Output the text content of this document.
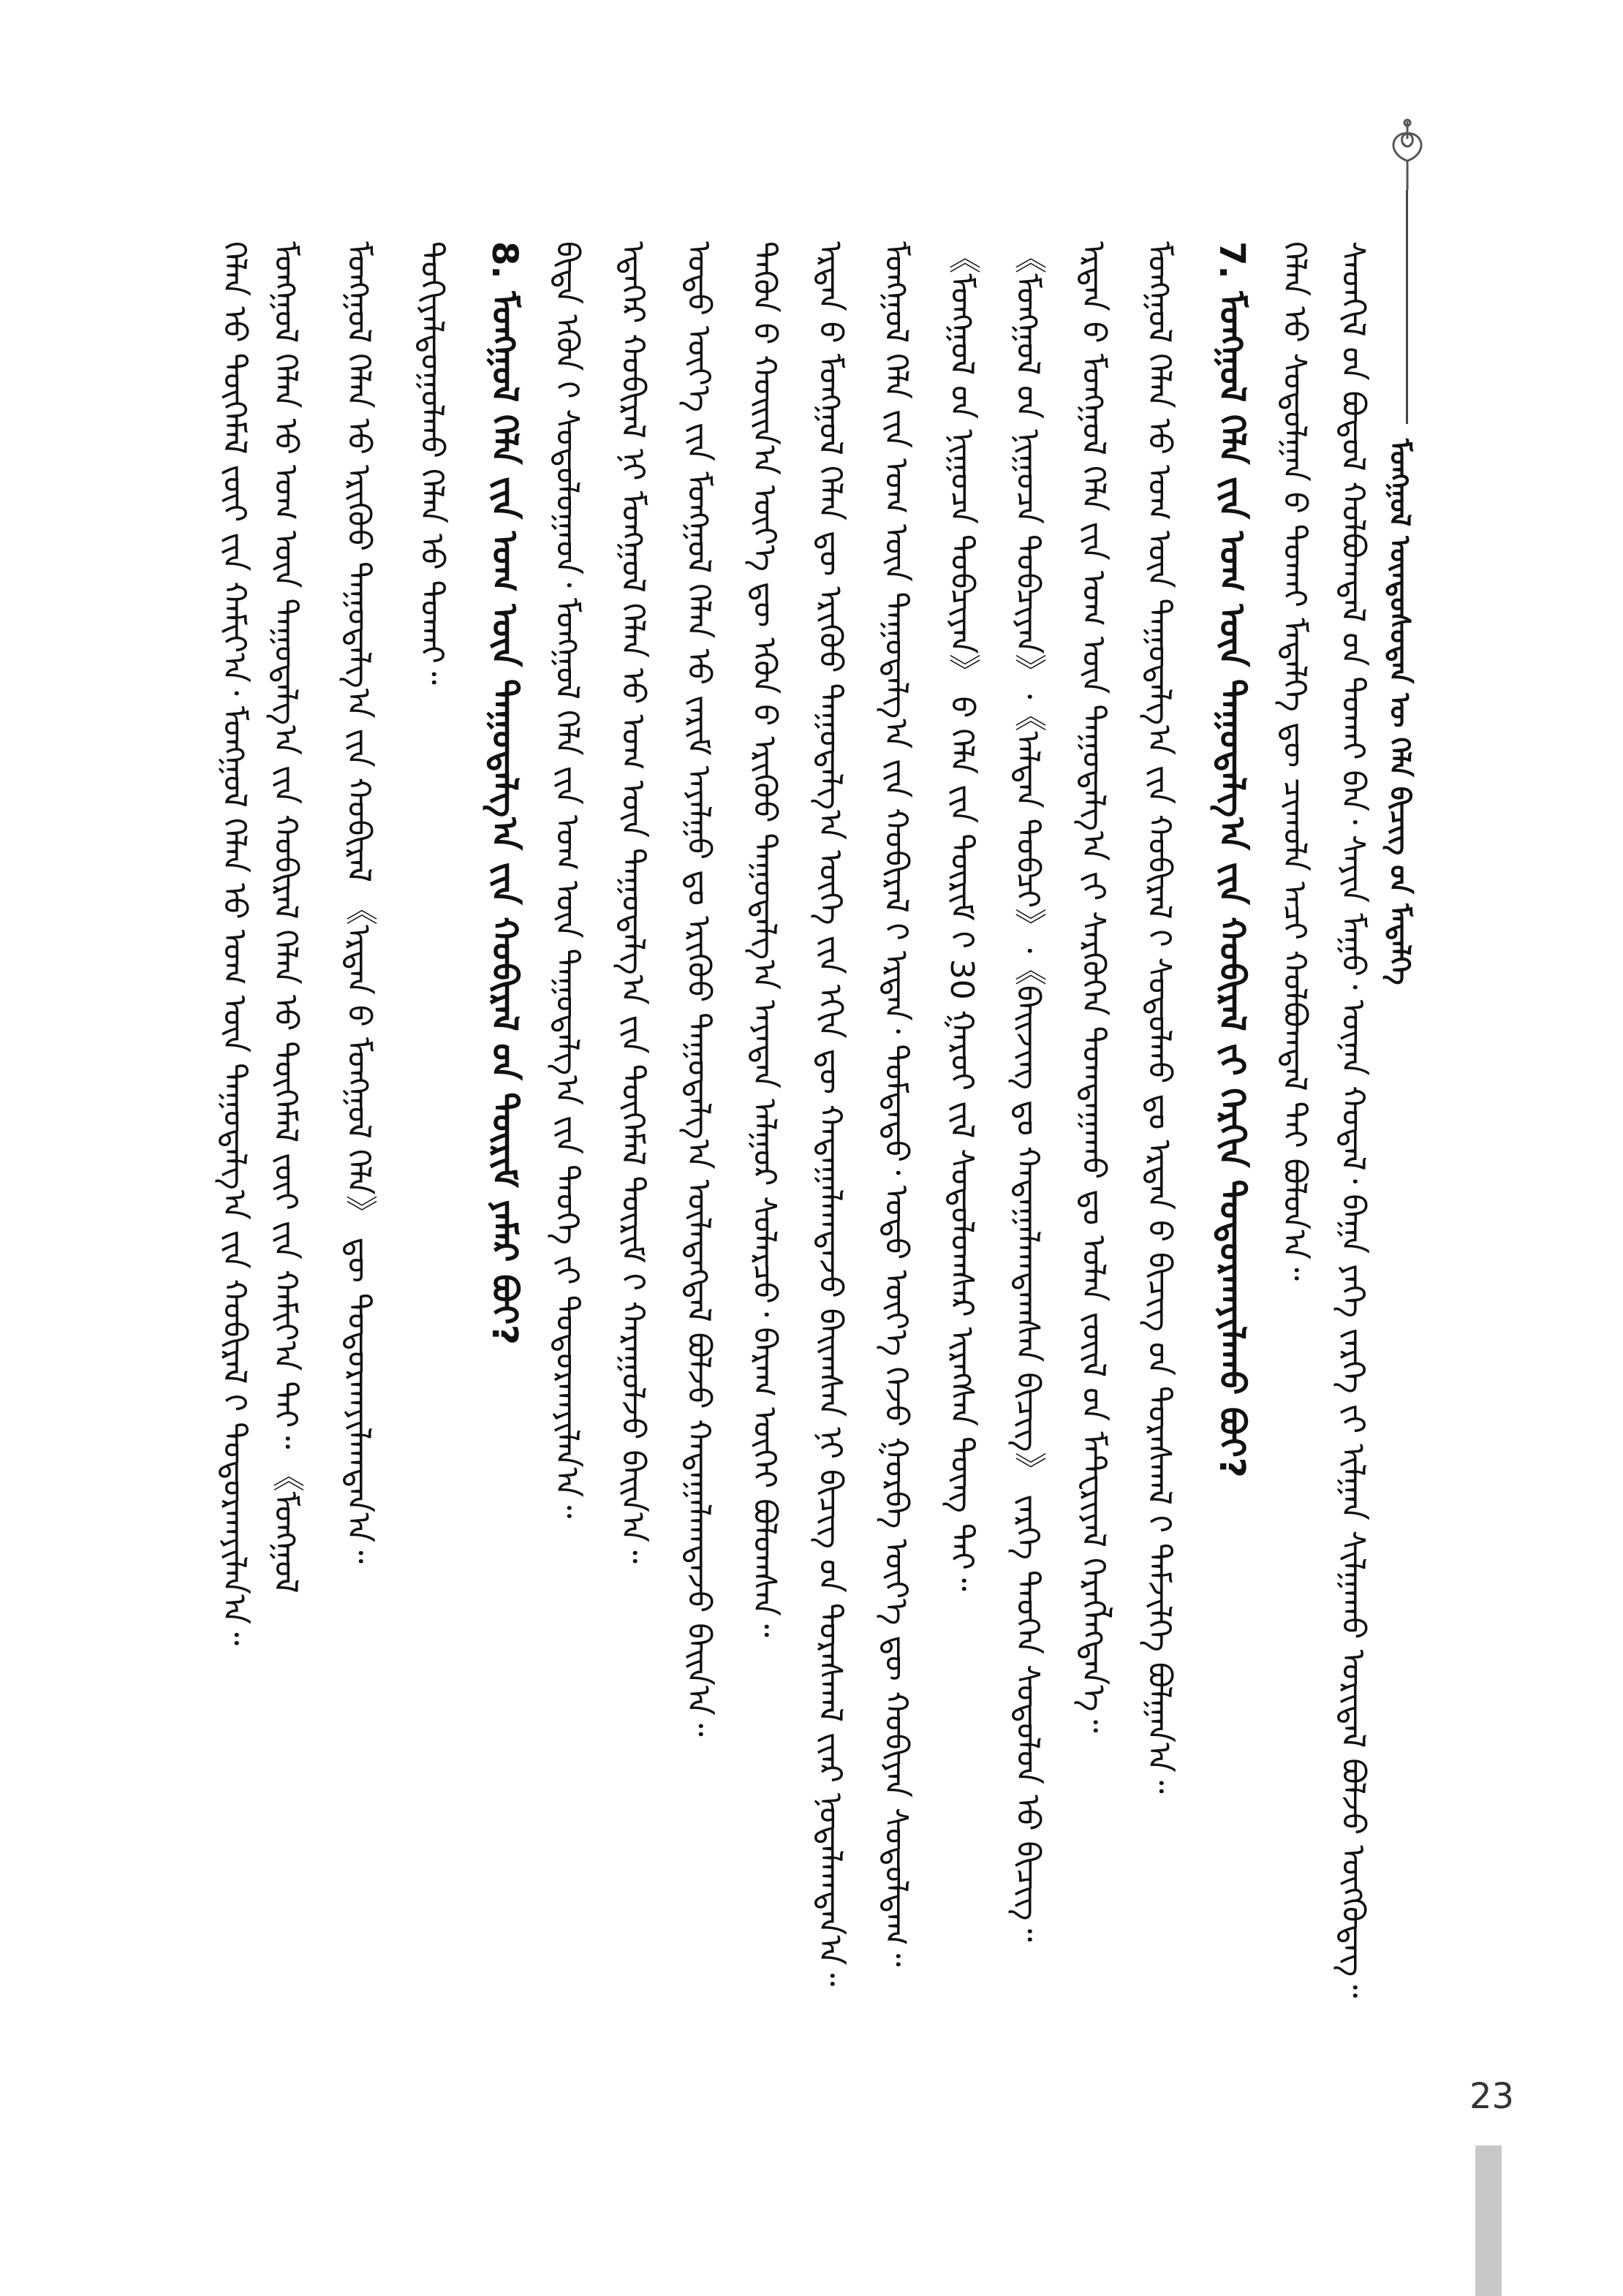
ᠮᠣᠩᠭᠣᠯ ᠦᠨᠳᠦᠰᠦᠲᠡᠨ ᠦ ᠬᠡᠯᠡ ᠪᠢᠴᠢᠭ ᠤ᠋ᠨ ᠮᠡᠳᠡᠯᠭᠡ
ᠰᠡᠳᠬᠢᠯ ᠦ᠋ᠨ ᠪᠣᠳᠣᠯ ᠬᠣᠯᠪᠣᠭᠳᠠᠯ ᠤ᠋ᠨ ᠲᠣᠬᠠᠢ ᠪᠠᠨ᠂ ᠰᠠᠶᠢᠨ ᠮᠠᠭᠤ᠂ ᠦᠨᠡᠨ ᠬᠤᠳᠠᠯ᠂ ᠪᠠᠭᠠ ᠶᠡᠬᠡ ᠵᠡᠷᠭᠡ ᠶ᠋ᠢ ᠢᠯᠭᠠᠨ ᠰᠢᠯᠭᠠᠬᠤ ᠤᠷᠢᠳᠠᠯ ᠪᠣᠯᠵᠤ ᠦᠭᠭᠦᠳᠡᠭ᠃
ᠬᠡᠯᠡᠨ ᠦ᠋ ᠰᠤᠳᠤᠯᠭᠠᠨ ᠤ᠋ ᠲᠤᠬᠠᠢ ᠮᠡᠳᠡᠯᠭᠡ ᠳᠦ ᠴᠢᠬᠤᠯᠠ ᠠᠴᠢ ᠬᠣᠯᠪᠣᠭᠳᠠᠯ ᠲᠠᠢ ᠪᠣᠯᠤᠨ᠎ᠠ᠃
7. ᠮᠣᠩᠭᠣᠯ ᠬᠡᠯᠡ ᠶ᠋ᠢᠨ ᠤᠭ ᠦᠨ ᠳᠠᠭᠤᠳᠠᠯᠭ᠎ᠠ ᠶ᠋ᠢᠨ ᠬᠤᠪᠢᠷᠠᠯ ᠶ᠋ᠢ ᠬᠡᠷᠬᠢᠨ ᠲᠣᠳᠤᠷᠬᠠᠶᠢᠯᠠᠬᠤ ᠪᠤᠢ?
ᠮᠣᠩᠭᠣᠯ ᠬᠡᠯᠡᠨ ᠦ᠋ ᠤᠭ ᠦᠨ ᠳᠠᠭᠤᠳᠠᠯᠭ᠎ᠠ ᠶ᠋ᠢᠨ ᠬᠤᠪᠢᠷᠠᠯ ᠢ᠋ ᠰᠤᠳᠤᠯᠬᠤ ᠳᠤ ᠡᠷᠲᠡᠨ ᠦ᠌ ᠪᠢᠴᠢᠭ ᠤ᠋ᠨ ᠳᠤᠷᠠᠰᠬᠠᠯ ᠢ᠋ ᠳᠡᠮᠵᠢᠯᠭᠡ ᠪᠣᠯᠭᠠᠨ᠎ᠠ᠃
ᠡᠷᠲᠡᠨ ᠦ᠌ ᠮᠣᠩᠭᠣᠯ ᠬᠡᠯᠡ ᠶ᠋ᠢᠨ ᠤᠭ ᠦᠨ ᠳᠠᠭᠤᠳᠠᠯᠭ᠎ᠠ ᠶ᠋ᠢ ᠰᠡᠷᠭᠦᠭᠡᠨ ᠲᠣᠭᠲᠠᠭᠠᠬᠤ ᠳᠤ ᠣᠯᠠᠨ ᠵᠦᠢᠯ ᠦ᠋ᠨ ᠮᠠᠲ᠋ᠧᠷᠢᠶᠠᠯ ᠬᠡᠷᠡᠭᠯᠡᠭᠳᠡᠨ᠎ᠡ᠃
《ᠮᠣᠩᠭᠣᠯ ᠤ᠋ᠨ ᠨᠢᠭᠤᠴᠠ ᠲᠣᠪᠴᠢᠶᠠᠨ》᠂《ᠠᠯᠲᠠᠨ ᠲᠣᠪᠴᠢ》᠂《ᠪᠠᠢᠵᠢᠩ ᠳᠤ ᠬᠠᠳᠠᠭᠠᠯᠠᠭᠳᠠᠭᠰᠠᠨ ᠪᠢᠴᠢᠭ》 ᠵᠡᠷᠭᠡ ᠲᠡᠦᠬᠡᠨ ᠰᠤᠳᠤᠯᠤᠨ ᠦ᠋ ᠪᠢᠴᠢᠭ᠃
《ᠮᠣᠩᠭᠣᠯ ᠤ᠋ᠨ ᠨᠢᠭᠤᠴᠠ ᠲᠣᠪᠴᠢᠶᠠᠨ》 ᠤ᠋ ᠬᠡᠯᠡ ᠶ᠋ᠢᠨ ᠳᠦᠷᠢᠮ ᠢ᠋ 30 ᠭᠠᠷᠤᠢ ᠵᠢᠯ ᠰᠤᠳᠤᠯᠤᠭᠰᠠᠷ ᠢᠷᠡᠭᠰᠡᠨ ᠳᠦᠩ ᠲᠠᠢ᠃
ᠮᠣᠩᠭᠣᠯ ᠬᠡᠯᠡ ᠶ᠋ᠢᠨ ᠤᠭ ᠦᠨ ᠳᠠᠭᠤᠳᠠᠯᠭ᠎ᠠ ᠶ᠋ᠢᠨ ᠬᠤᠪᠢᠷᠠᠯ ᠢ᠋ ᠡᠷᠲᠡᠨ᠂ ᠳᠤᠮᠳᠠᠳᠤ᠂ ᠣᠳᠣ ᠦᠶ᠎ᠡ ᠭᠡᠵᠦ ᠭᠤᠷᠪᠠ ᠦᠶ᠎ᠡ ᠳᠦ ᠬᠤᠪᠢᠶᠠᠨ ᠰᠤᠳᠤᠯᠳᠠᠭ᠃
ᠡᠷᠲᠡᠨ ᠦ᠌ ᠮᠣᠩᠭᠣᠯ ᠬᠡᠯᠡᠨ ᠳᠦ ᠡᠷᠢᠭᠦᠦ ᠳᠠᠭᠤᠳᠠᠯᠭ᠎ᠠ ᠦᠭᠡ ᠶ᠋ᠢᠨ ᠡᠬᠢᠨ ᠳᠦ ᠬᠠᠳᠠᠭᠠᠯᠠᠭᠳᠠᠵᠤ ᠪᠠᠢᠭᠰᠠᠨ ᠨᠢ ᠪᠢᠴᠢᠭ ᠦ᠋ᠨ ᠳᠤᠷᠠᠰᠬᠠᠯ ᠢ᠋ᠶ᠋ᠠᠷ ᠨᠣᠲᠠᠯᠠᠭᠳᠠᠨ᠎ᠠ᠃
ᠲᠡᠭᠦᠨ ᠦ᠌ ᠬᠣᠢᠢᠨ᠎ᠠ ᠦᠶ᠎ᠡ ᠳᠦ ᠡᠭᠦᠨ ᠦ᠌ ᠡᠷᠢᠭᠦᠦ ᠳᠠᠭᠤᠳᠠᠯᠭ᠎ᠠ ᠠᠶᠠᠳᠠᠨ ᠠᠯᠭᠤᠷ ᠰᠤᠯᠠᠷᠴᠤ᠂ ᠪᠠᠷᠠᠭ ᠦᠭᠡᠢ ᠪᠣᠯᠤᠭᠰᠠᠨ᠃
ᠣᠳᠣ ᠦᠶ᠎ᠡ ᠶ᠋ᠢᠨ ᠮᠣᠩᠭᠣᠯ ᠬᠡᠯᠡᠨ ᠦ᠋ ᠵᠠᠷᠢᠮ ᠠᠶᠠᠯᠭᠤ ᠳᠤ ᠡᠷᠢᠭᠦᠦ ᠳᠠᠭᠤᠳᠠᠯᠭ᠎ᠠ ᠦᠯᠡᠳᠡᠭᠳᠡᠯ ᠪᠣᠯᠵᠤ ᠬᠠᠳᠠᠭᠠᠯᠠᠭᠳᠠᠵᠤ ᠪᠠᠢᠨ᠎ᠠ᠃
ᠡᠳᠡᠭᠡᠷ ᠬᠤᠪᠢᠷᠠᠯ ᠨᠢ ᠮᠣᠩᠭᠣᠯ ᠬᠡᠯᠡᠨ ᠦ᠋ ᠤᠭ ᠦᠨ ᠳᠠᠭᠤᠳᠠᠯᠭ᠎ᠠ ᠶ᠋ᠢᠨ ᠲᠦᠭᠡᠮᠡᠯ ᠳᠦᠷᠢᠮ ᠢ᠋ ᠬᠠᠷᠠᠭᠤᠯᠵᠤ ᠪᠠᠢᠨ᠎ᠠ᠃
ᠪᠢᠳᠡ ᠡᠭᠦᠨ ᠢ᠋ ᠰᠤᠳᠤᠯᠤᠭᠠᠳ᠂ ᠮᠣᠩᠭᠣᠯ ᠬᠡᠯᠡ ᠶ᠋ᠢᠨ ᠤᠭ ᠦᠨ ᠳᠠᠭᠤᠳᠠᠯᠭ᠎ᠠ ᠶ᠋ᠢᠨ ᠲᠡᠦᠬᠡ ᠶ᠋ᠢ ᠲᠣᠳᠤᠷᠬᠠᠶᠢᠯᠠᠨ᠎ᠠ᠃
8. ᠮᠣᠩᠭᠣᠯ ᠬᠡᠯᠡ ᠶ᠋ᠢᠨ ᠤᠭ ᠦᠨ ᠳᠠᠭᠤᠳᠠᠯᠭ᠎ᠠ ᠶ᠋ᠢᠨ ᠬᠤᠪᠢᠷᠠᠯ ᠤ᠋ᠨ ᠳᠦᠷᠢᠮ ᠶᠠᠮᠠᠷ ᠪᠤᠢ?
ᠲᠣᠬᠢᠶᠠᠯᠳᠤᠭᠤᠯᠬᠤ ᠬᠡᠯᠡᠨ ᠦ᠋ ᠲᠣᠬᠠᠢ᠃
ᠮᠣᠩᠭᠣᠯ ᠬᠡᠯᠡᠨ ᠦ᠋ ᠡᠷᠢᠭᠦᠦ ᠳᠠᠭᠤᠳᠠᠯᠭ᠎ᠠ ᠶ᠋ᠢᠨ ᠬᠤᠪᠢᠷᠠᠯ 《ᠡᠷᠲᠡᠨ ᠦ᠌ ᠮᠣᠩᠭᠣᠯ ᠬᠡᠯᠡ》 ᠳᠦ ᠲᠣᠳᠤᠷᠬᠠᠶᠢᠯᠠᠭᠳᠠᠨ᠎ᠠ᠃
ᠮᠣᠩᠭᠣᠯ ᠬᠡᠯᠡᠨ ᠦ᠋ ᠤᠭ ᠦᠨ ᠳᠠᠭᠤᠳᠠᠯᠭ᠎ᠠ ᠶ᠋ᠢᠨ ᠬᠤᠪᠢᠷᠠᠯ ᠬᠡᠯᠡᠨ ᠦ᠋ ᠲᠦᠭᠡᠮᠡᠯ ᠵᠦᠢ ᠶ᠋ᠢᠨ ᠬᠠᠮᠢᠶ᠎ᠠ ᠲᠠᠢ᠃ 《ᠮᠣᠩᠭᠣᠯ
ᠬᠡᠯᠡᠨ ᠦ᠋ ᠲᠦᠭᠡᠮᠡᠯ ᠵᠦᠢ ᠶ᠋ᠢᠨ ᠬᠠᠮᠢᠶ᠎ᠠ᠂ ᠮᠣᠩᠭᠣᠯ ᠬᠡᠯᠡᠨ ᠦ᠋ ᠤᠭ ᠦᠨ ᠳᠠᠭᠤᠳᠠᠯᠭ᠎ᠠ ᠶ᠋ᠢᠨ ᠬᠤᠪᠢᠷᠠᠯ ᠢ᠋ ᠲᠣᠳᠤᠷᠬᠠᠶᠢᠯᠠᠨ᠎ᠠ᠃
23
